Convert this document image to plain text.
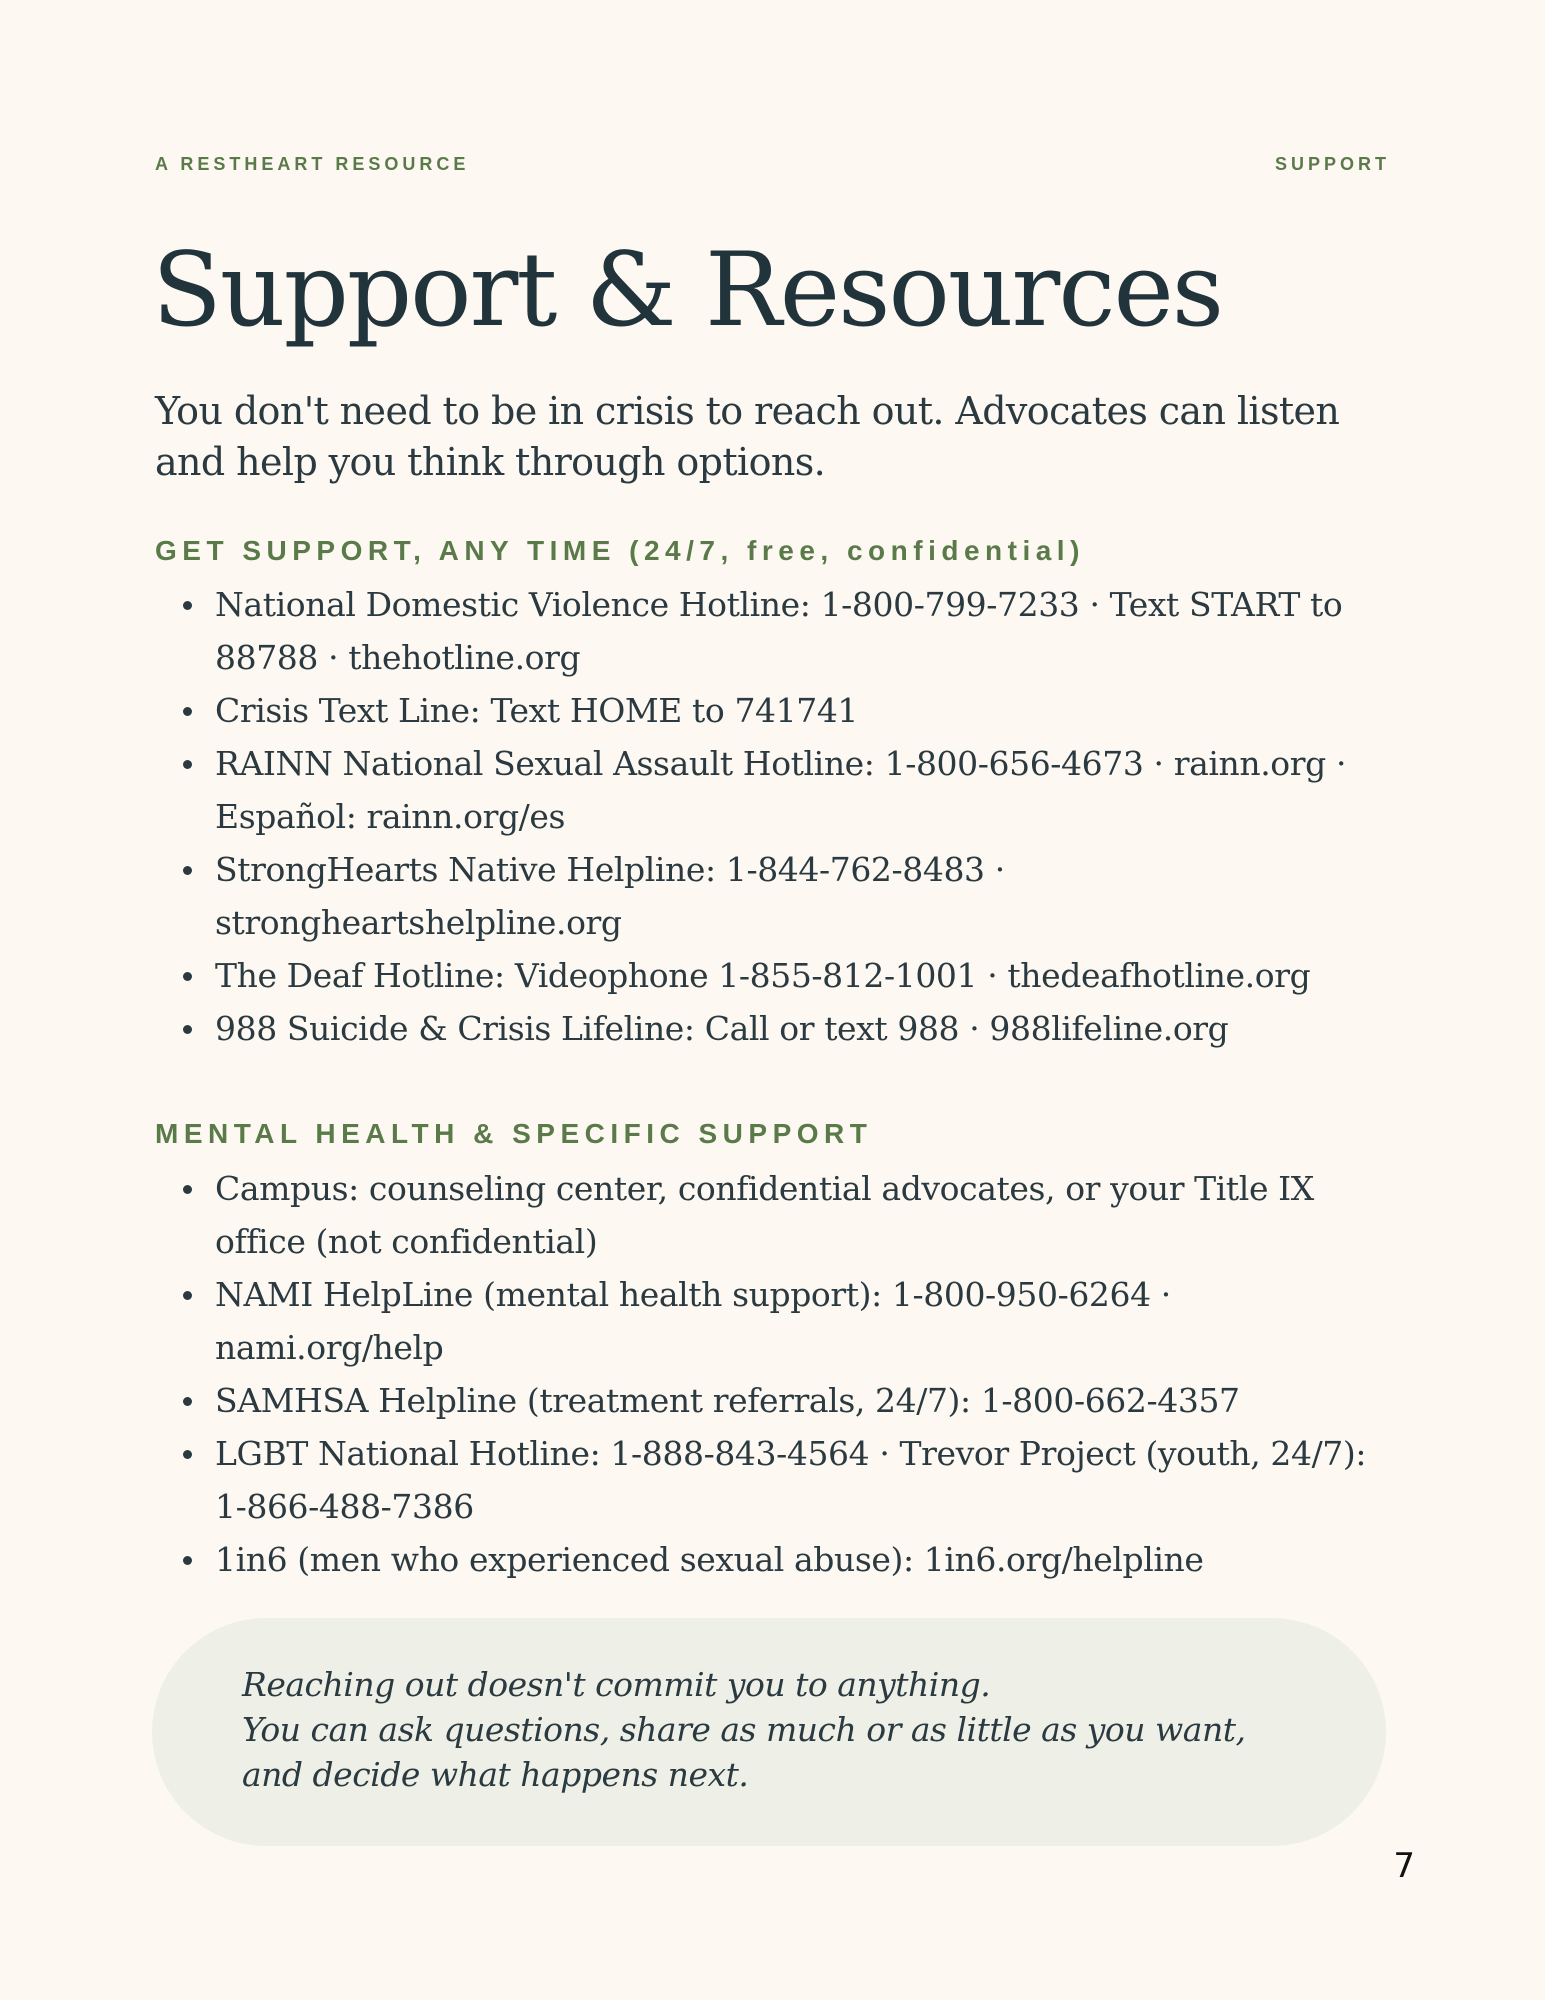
A RESTHEART RESOURCE	SUPPORT
Support & Resources

You don't need to be in crisis to reach out. Advocates can listen and help you think through options.

GET SUPPORT, ANY TIME (24/7, free, confidential)
National Domestic Violence Hotline: 1-800-799-7233 · Text START to 88788 · thehotline.org
Crisis Text Line: Text HOME to 741741
RAINN National Sexual Assault Hotline: 1-800-656-4673 · rainn.org · Español: rainn.org/es
StrongHearts Native Helpline: 1-844-762-8483 · strongheartshelpline.org
The Deaf Hotline: Videophone 1-855-812-1001 · thedeafhotline.org
988 Suicide & Crisis Lifeline: Call or text 988 · 988lifeline.org
MENTAL HEALTH & SPECIFIC SUPPORT
Campus: counseling center, confidential advocates, or your Title IX office (not confidential)
NAMI HelpLine (mental health support): 1-800-950-6264 · nami.org/help
SAMHSA Helpline (treatment referrals, 24/7): 1-800-662-4357
LGBT National Hotline: 1-888-843-4564 · Trevor Project (youth, 24/7): 1-866-488-7386
1in6 (men who experienced sexual abuse): 1in6.org/helpline
Reaching out doesn't commit you to anything.
You can ask questions, share as much or as little as you want,
and decide what happens next.
7
